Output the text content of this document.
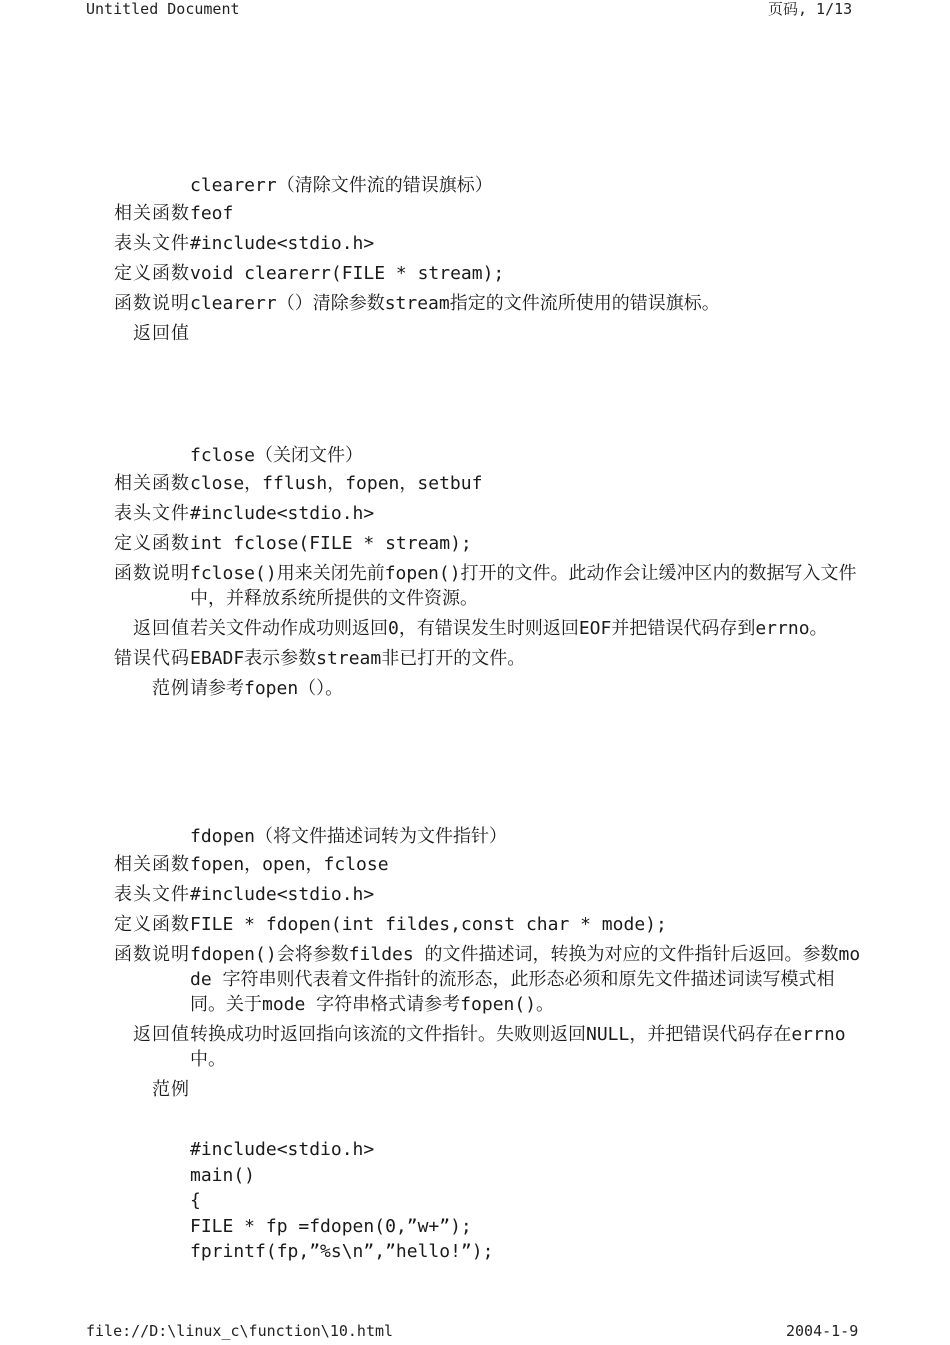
Untitled Document	页码, 1/13
clearerr（清除文件流的错误旗标）
相关函数 feof
表头文件 #include<stdio.h>
定义函数 void clearerr(FILE * stream);
函数说明 clearerr（）清除参数stream指定的文件流所使用的错误旗标。
返回值
fclose（关闭文件）
相关函数 close，fflush，fopen，setbuf
表头文件 #include<stdio.h>
定义函数 int fclose(FILE * stream);
函数说明 fclose()用来关闭先前fopen()打开的文件。此动作会让缓冲区内的数据写入文件中，并释放系统所提供的文件资源。
返回值 若关文件动作成功则返回0，有错误发生时则返回EOF并把错误代码存到errno。
错误代码 EBADF表示参数stream非已打开的文件。
范例 请参考fopen（）。
fdopen（将文件描述词转为文件指针）
相关函数 fopen，open，fclose
表头文件 #include<stdio.h>
定义函数 FILE * fdopen(int fildes,const char * mode);
函数说明 fdopen()会将参数fildes 的文件描述词，转换为对应的文件指针后返回。参数mode 字符串则代表着文件指针的流形态，此形态必须和原先文件描述词读写模式相同。关于mode 字符串格式请参考fopen()。
返回值 转换成功时返回指向该流的文件指针。失败则返回NULL，并把错误代码存在errno中。
范例

#include<stdio.h>
main()
{
FILE * fp =fdopen(0,”w+”);
fprintf(fp,”%s\n”,”hello!”);

file://D:\linux_c\function\10.html	2004-1-9
